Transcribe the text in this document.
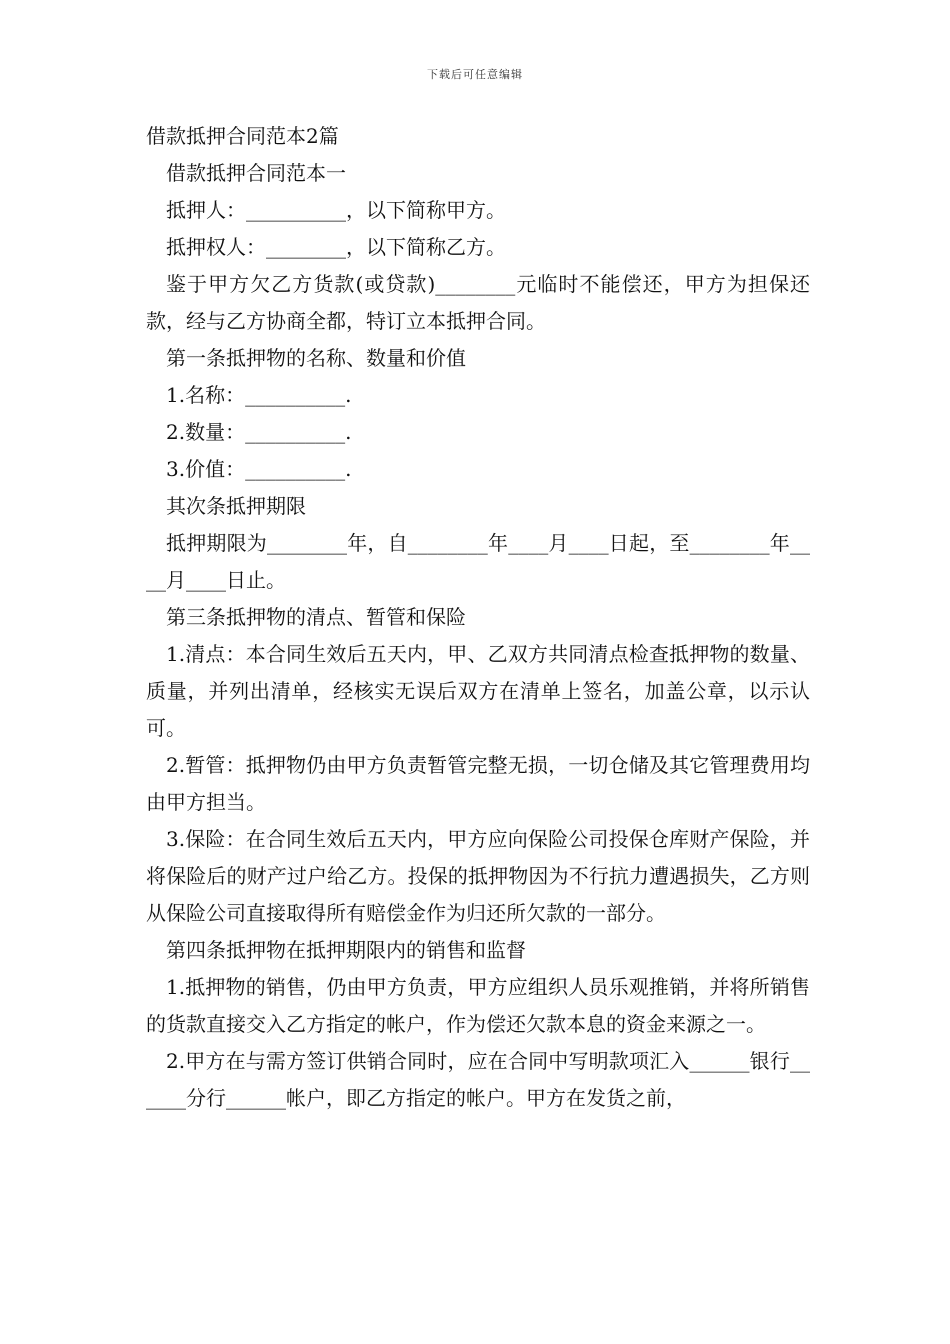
下载后可任意编辑

借款抵押合同范本2篇

借款抵押合同范本一

抵押人：__________，以下简称甲方。

抵押权人：________，以下简称乙方。

鉴于甲方欠乙方货款(或贷款)________元临时不能偿还，甲方为担保还款，经与乙方协商全都，特订立本抵押合同。

第一条抵押物的名称、数量和价值

1.名称：__________.

2.数量：__________.

3.价值：__________.

其次条抵押期限

抵押期限为________年，自________年____月____日起，至________年____月____日止。

第三条抵押物的清点、暂管和保险

1.清点：本合同生效后五天内，甲、乙双方共同清点检查抵押物的数量、质量，并列出清单，经核实无误后双方在清单上签名，加盖公章，以示认可。

2.暂管：抵押物仍由甲方负责暂管完整无损，一切仓储及其它管理费用均由甲方担当。

3.保险：在合同生效后五天内，甲方应向保险公司投保仓库财产保险，并将保险后的财产过户给乙方。投保的抵押物因为不行抗力遭遇损失，乙方则从保险公司直接取得所有赔偿金作为归还所欠款的一部分。

第四条抵押物在抵押期限内的销售和监督

1.抵押物的销售，仍由甲方负责，甲方应组织人员乐观推销，并将所销售的货款直接交入乙方指定的帐户，作为偿还欠款本息的资金来源之一。

2.甲方在与需方签订供销合同时，应在合同中写明款项汇入______银行______分行______帐户，即乙方指定的帐户。甲方在发货之前，
